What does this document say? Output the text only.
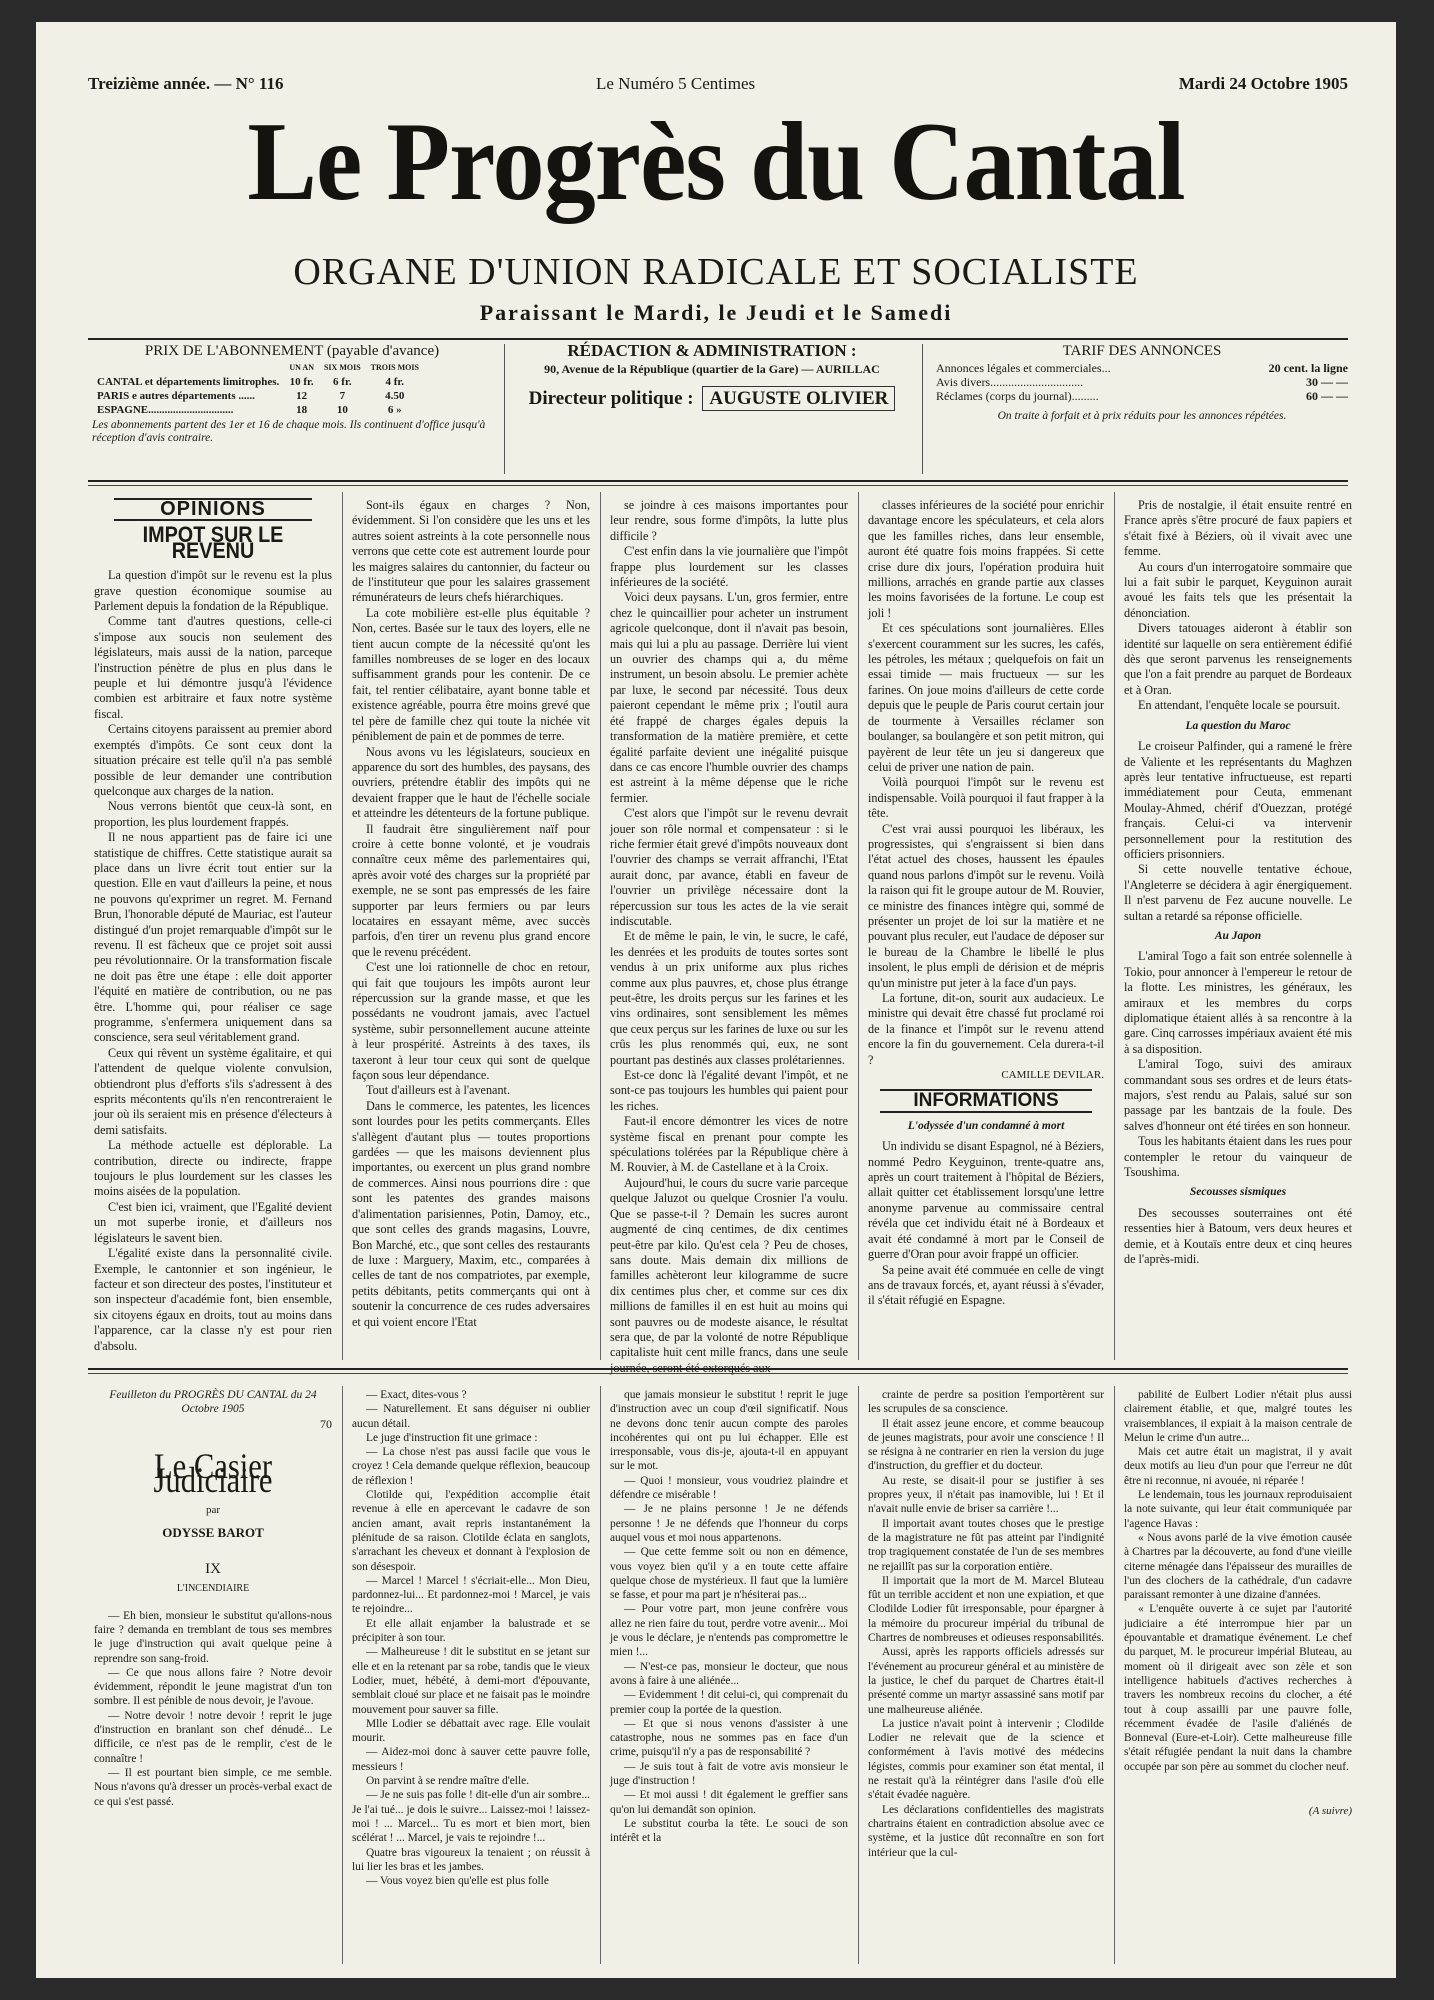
Treizième année. — N° 116	Le Numéro 5 Centimes	Mardi 24 Octobre 1905
Le Progrès du Cantal
ORGANE D'UNION RADICALE ET SOCIALISTE
Paraissant le Mardi, le Jeudi et le Samedi
PRIX DE L'ABONNEMENT (payable d'avance)
	UN AN	SIX MOIS	TROIS MOIS
CANTAL et départements limitrophes.	10 fr.	6 fr.	4 fr.
PARIS e autres départements ......	12	7	4.50
ESPAGNE...............................	18	10	6 »
Les abonnements partent des 1er et 16 de chaque mois. Ils continuent d'office jusqu'à réception d'avis contraire.
RÉDACTION & ADMINISTRATION :
90, Avenue de la République (quartier de la Gare) — AURILLAC
Directeur politique : AUGUSTE OLIVIER
TARIF DES ANNONCES
Annonces légales et commerciales...	20 cent. la ligne
Avis divers...............................	30 — —
Réclames (corps du journal).........	60 — —
On traite à forfait et à prix réduits pour les annonces répétées.
OPINIONS
IMPOT SUR LE REVENU

La question d'impôt sur le revenu est la plus grave question économique soumise au Parlement depuis la fondation de la République.

Comme tant d'autres questions, celle-ci s'impose aux soucis non seulement des législateurs, mais aussi de la nation, parceque l'instruction pénètre de plus en plus dans le peuple et lui démontre jusqu'à l'évidence combien est arbitraire et faux notre système fiscal.

Certains citoyens paraissent au premier abord exemptés d'impôts. Ce sont ceux dont la situation précaire est telle qu'il n'a pas semblé possible de leur demander une contribution quelconque aux charges de la nation.

Nous verrons bientôt que ceux-là sont, en proportion, les plus lourdement frappés.

Il ne nous appartient pas de faire ici une statistique de chiffres. Cette statistique aurait sa place dans un livre écrit tout entier sur la question. Elle en vaut d'ailleurs la peine, et nous ne pouvons qu'exprimer un regret. M. Fernand Brun, l'honorable député de Mauriac, est l'auteur distingué d'un projet remarquable d'impôt sur le revenu. Il est fâcheux que ce projet soit aussi peu révolutionnaire. Or la transformation fiscale ne doit pas être une étape : elle doit apporter l'équité en matière de contribution, ou ne pas être. L'homme qui, pour réaliser ce sage programme, s'enfermera uniquement dans sa conscience, sera seul véritablement grand.

Ceux qui rêvent un système égalitaire, et qui l'attendent de quelque violente convulsion, obtiendront plus d'efforts s'ils s'adressent à des esprits mécontents qu'ils n'en rencontreraient le jour où ils seraient mis en présence d'électeurs à demi satisfaits.

La méthode actuelle est déplorable. La contribution, directe ou indirecte, frappe toujours le plus lourdement sur les classes les moins aisées de la population.

C'est bien ici, vraiment, que l'Egalité devient un mot superbe ironie, et d'ailleurs nos législateurs le savent bien.

L'égalité existe dans la personnalité civile. Exemple, le cantonnier et son ingénieur, le facteur et son directeur des postes, l'instituteur et son inspecteur d'académie font, bien ensemble, six citoyens égaux en droits, tout au moins dans l'apparence, car la classe n'y est pour rien d'absolu.

Sont-ils égaux en charges ? Non, évidemment. Si l'on considère que les uns et les autres soient astreints à la cote personnelle nous verrons que cette cote est autrement lourde pour les maigres salaires du cantonnier, du facteur ou de l'instituteur que pour les salaires grassement rémunérateurs de leurs chefs hiérarchiques.

La cote mobilière est-elle plus équitable ? Non, certes. Basée sur le taux des loyers, elle ne tient aucun compte de la nécessité qu'ont les familles nombreuses de se loger en des locaux suffisamment grands pour les contenir. De ce fait, tel rentier célibataire, ayant bonne table et existence agréable, pourra être moins grevé que tel père de famille chez qui toute la nichée vit péniblement de pain et de pommes de terre.

Nous avons vu les législateurs, soucieux en apparence du sort des humbles, des paysans, des ouvriers, prétendre établir des impôts qui ne devaient frapper que le haut de l'échelle sociale et atteindre les détenteurs de la fortune publique.

Il faudrait être singulièrement naïf pour croire à cette bonne volonté, et je voudrais connaître ceux même des parlementaires qui, après avoir voté des charges sur la propriété par exemple, ne se sont pas empressés de les faire supporter par leurs fermiers ou par leurs locataires en essayant même, avec succès parfois, d'en tirer un revenu plus grand encore que le revenu précédent.

C'est une loi rationnelle de choc en retour, qui fait que toujours les impôts auront leur répercussion sur la grande masse, et que les possédants ne voudront jamais, avec l'actuel système, subir personnellement aucune atteinte à leur prospérité. Astreints à des taxes, ils taxeront à leur tour ceux qui sont de quelque façon sous leur dépendance.

Tout d'ailleurs est à l'avenant.

Dans le commerce, les patentes, les licences sont lourdes pour les petits commerçants. Elles s'allègent d'autant plus — toutes proportions gardées — que les maisons deviennent plus importantes, ou exercent un plus grand nombre de commerces. Ainsi nous pourrions dire : que sont les patentes des grandes maisons d'alimentation parisiennes, Potin, Damoy, etc., que sont celles des grands magasins, Louvre, Bon Marché, etc., que sont celles des restaurants de luxe : Marguery, Maxim, etc., comparées à celles de tant de nos compatriotes, par exemple, petits débitants, petits commerçants qui ont à soutenir la concurrence de ces rudes adversaires et qui voient encore l'Etat

se joindre à ces maisons importantes pour leur rendre, sous forme d'impôts, la lutte plus difficile ?

C'est enfin dans la vie journalière que l'impôt frappe plus lourdement sur les classes inférieures de la société.

Voici deux paysans. L'un, gros fermier, entre chez le quincaillier pour acheter un instrument agricole quelconque, dont il n'avait pas besoin, mais qui lui a plu au passage. Derrière lui vient un ouvrier des champs qui a, du même instrument, un besoin absolu. Le premier achète par luxe, le second par nécessité. Tous deux paieront cependant le même prix ; l'outil aura été frappé de charges égales depuis la transformation de la matière première, et cette égalité parfaite devient une inégalité puisque dans ce cas encore l'humble ouvrier des champs est astreint à la même dépense que le riche fermier.

C'est alors que l'impôt sur le revenu devrait jouer son rôle normal et compensateur : si le riche fermier était grevé d'impôts nouveaux dont l'ouvrier des champs se verrait affranchi, l'Etat aurait donc, par avance, établi en faveur de l'ouvrier un privilège nécessaire dont la répercussion sur tous les actes de la vie serait indiscutable.

Et de même le pain, le vin, le sucre, le café, les denrées et les produits de toutes sortes sont vendus à un prix uniforme aux plus riches comme aux plus pauvres, et, chose plus étrange peut-être, les droits perçus sur les farines et les vins ordinaires, sont sensiblement les mêmes que ceux perçus sur les farines de luxe ou sur les crûs les plus renommés qui, eux, ne sont pourtant pas destinés aux classes prolétariennes.

Est-ce donc là l'égalité devant l'impôt, et ne sont-ce pas toujours les humbles qui paient pour les riches.

Faut-il encore démontrer les vices de notre système fiscal en prenant pour compte les spéculations tolérées par la République chère à M. Rouvier, à M. de Castellane et à la Croix.

Aujourd'hui, le cours du sucre varie parceque quelque Jaluzot ou quelque Crosnier l'a voulu. Que se passe-t-il ? Demain les sucres auront augmenté de cinq centimes, de dix centimes peut-être par kilo. Qu'est cela ? Peu de choses, sans doute. Mais demain dix millions de familles achèteront leur kilogramme de sucre dix centimes plus cher, et comme sur ces dix millions de familles il en est huit au moins qui sont pauvres ou de modeste aisance, le résultat sera que, de par la volonté de notre République capitaliste huit cent mille francs, dans une seule journée, seront été extorqués aux

classes inférieures de la société pour enrichir davantage encore les spéculateurs, et cela alors que les familles riches, dans leur ensemble, auront été quatre fois moins frappées. Si cette crise dure dix jours, l'opération produira huit millions, arrachés en grande partie aux classes les moins favorisées de la fortune. Le coup est joli !

Et ces spéculations sont journalières. Elles s'exercent couramment sur les sucres, les cafés, les pétroles, les métaux ; quelquefois on fait un essai timide — mais fructueux — sur les farines. On joue moins d'ailleurs de cette corde depuis que le peuple de Paris courut certain jour de tourmente à Versailles réclamer son boulanger, sa boulangère et son petit mitron, qui payèrent de leur tête un jeu si dangereux que celui de priver une nation de pain.

Voilà pourquoi l'impôt sur le revenu est indispensable. Voilà pourquoi il faut frapper à la tête.

C'est vrai aussi pourquoi les libéraux, les progressistes, qui s'engraissent si bien dans l'état actuel des choses, haussent les épaules quand nous parlons d'impôt sur le revenu. Voilà la raison qui fit le groupe autour de M. Rouvier, ce ministre des finances intègre qui, sommé de présenter un projet de loi sur la matière et ne pouvant plus reculer, eut l'audace de déposer sur le bureau de la Chambre le libellé le plus insolent, le plus empli de dérision et de mépris qu'un ministre put jeter à la face d'un pays.

La fortune, dit-on, sourit aux audacieux. Le ministre qui devait être chassé fut proclamé roi de la finance et l'impôt sur le revenu attend encore la fin du gouvernement. Cela durera-t-il ?

CAMILLE DEVILAR.
INFORMATIONS
L'odyssée d'un condamné à mort

Un individu se disant Espagnol, né à Béziers, nommé Pedro Keyguinon, trente-quatre ans, après un court traitement à l'hôpital de Béziers, allait quitter cet établissement lorsqu'une lettre anonyme parvenue au commissaire central révéla que cet individu était né à Bordeaux et avait été condamné à mort par le Conseil de guerre d'Oran pour avoir frappé un officier.

Sa peine avait été commuée en celle de vingt ans de travaux forcés, et, ayant réussi à s'évader, il s'était réfugié en Espagne.

Pris de nostalgie, il était ensuite rentré en France après s'être procuré de faux papiers et s'était fixé à Béziers, où il vivait avec une femme.

Au cours d'un interrogatoire sommaire que lui a fait subir le parquet, Keyguinon aurait avoué les faits tels que les présentait la dénonciation.

Divers tatouages aideront à établir son identité sur laquelle on sera entièrement édifié dès que seront parvenus les renseignements que l'on a fait prendre au parquet de Bordeaux et à Oran.

En attendant, l'enquête locale se poursuit.

La question du Maroc

Le croiseur Palfinder, qui a ramené le frère de Valiente et les représentants du Maghzen après leur tentative infructueuse, est reparti immédiatement pour Ceuta, emmenant Moulay-Ahmed, chérif d'Ouezzan, protégé français. Celui-ci va intervenir personnellement pour la restitution des officiers prisonniers.

Si cette nouvelle tentative échoue, l'Angleterre se décidera à agir énergiquement. Il n'est parvenu de Fez aucune nouvelle. Le sultan a retardé sa réponse officielle.

Au Japon

L'amiral Togo a fait son entrée solennelle à Tokio, pour annoncer à l'empereur le retour de la flotte. Les ministres, les généraux, les amiraux et les membres du corps diplomatique étaient allés à sa rencontre à la gare. Cinq carrosses impériaux avaient été mis à sa disposition.

L'amiral Togo, suivi des amiraux commandant sous ses ordres et de leurs états-majors, s'est rendu au Palais, salué sur son passage par les bantzais de la foule. Des salves d'honneur ont été tirées en son honneur.

Tous les habitants étaient dans les rues pour contempler le retour du vainqueur de Tsoushima.

Secousses sismiques

Des secousses souterraines ont été ressenties hier à Batoum, vers deux heures et demie, et à Koutaïs entre deux et cinq heures de l'après-midi.

Feuilleton du PROGRÈS DU CANTAL du 24 Octobre 1905
70
Le Casier Judiciaire
par
ODYSSE BAROT
IX
L'INCENDIAIRE

— Eh bien, monsieur le substitut qu'allons-nous faire ? demanda en tremblant de tous ses membres le juge d'instruction qui avait quelque peine à reprendre son sang-froid.

— Ce que nous allons faire ? Notre devoir évidemment, répondit le jeune magistrat d'un ton sombre. Il est pénible de nous devoir, je l'avoue.

— Notre devoir ! notre devoir ! reprit le juge d'instruction en branlant son chef dénudé... Le difficile, ce n'est pas de le remplir, c'est de le connaître !

— Il est pourtant bien simple, ce me semble. Nous n'avons qu'à dresser un procès-verbal exact de ce qui s'est passé.

— Exact, dites-vous ?

— Naturellement. Et sans déguiser ni oublier aucun détail.

Le juge d'instruction fit une grimace :

— La chose n'est pas aussi facile que vous le croyez ! Cela demande quelque réflexion, beaucoup de réflexion !

Clotilde qui, l'expédition accomplie était revenue à elle en apercevant le cadavre de son ancien amant, avait repris instantanément la plénitude de sa raison. Clotilde éclata en sanglots, s'arrachant les cheveux et donnant à l'explosion de son désespoir.

— Marcel ! Marcel ! s'écriait-elle... Mon Dieu, pardonnez-lui... Et pardonnez-moi ! Marcel, je vais te rejoindre...

Et elle allait enjamber la balustrade et se précipiter à son tour.

— Malheureuse ! dit le substitut en se jetant sur elle et en la retenant par sa robe, tandis que le vieux Lodier, muet, hébété, à demi-mort d'épouvante, semblait cloué sur place et ne faisait pas le moindre mouvement pour sauver sa fille.

Mlle Lodier se débattait avec rage. Elle voulait mourir.

— Aidez-moi donc à sauver cette pauvre folle, messieurs !

On parvint à se rendre maître d'elle.

— Je ne suis pas folle ! dit-elle d'un air sombre... Je l'ai tué... je dois le suivre... Laissez-moi ! laissez-moi ! ... Marcel... Tu es mort et bien mort, bien scélérat ! ... Marcel, je vais te rejoindre !...

Quatre bras vigoureux la tenaient ; on réussit à lui lier les bras et les jambes.

— Vous voyez bien qu'elle est plus folle

que jamais monsieur le substitut ! reprit le juge d'instruction avec un coup d'œil significatif. Nous ne devons donc tenir aucun compte des paroles incohérentes qui ont pu lui échapper. Elle est irresponsable, vous dis-je, ajouta-t-il en appuyant sur le mot.

— Quoi ! monsieur, vous voudriez plaindre et défendre ce misérable !

— Je ne plains personne ! Je ne défends personne ! Je ne défends que l'honneur du corps auquel vous et moi nous appartenons.

— Que cette femme soit ou non en démence, vous voyez bien qu'il y a en toute cette affaire quelque chose de mystérieux. Il faut que la lumière se fasse, et pour ma part je n'hésiterai pas...

— Pour votre part, mon jeune confrère vous allez ne rien faire du tout, perdre votre avenir... Moi je vous le déclare, je n'entends pas compromettre le mien !...

— N'est-ce pas, monsieur le docteur, que nous avons à faire à une aliénée...

— Evidemment ! dit celui-ci, qui comprenait du premier coup la portée de la question.

— Et que si nous venons d'assister à une catastrophe, nous ne sommes pas en face d'un crime, puisqu'il n'y a pas de responsabilité ?

— Je suis tout à fait de votre avis monsieur le juge d'instruction !

— Et moi aussi ! dit également le greffier sans qu'on lui demandât son opinion.

Le substitut courba la tête. Le souci de son intérêt et la

crainte de perdre sa position l'emportèrent sur les scrupules de sa conscience.

Il était assez jeune encore, et comme beaucoup de jeunes magistrats, pour avoir une conscience ! Il se résigna à ne contrarier en rien la version du juge d'instruction, du greffier et du docteur.

Au reste, se disait-il pour se justifier à ses propres yeux, il n'était pas inamovible, lui ! Et il n'avait nulle envie de briser sa carrière !...

Il importait avant toutes choses que le prestige de la magistrature ne fût pas atteint par l'indignité trop tragiquement constatée de l'un de ses membres ne rejaillît pas sur la corporation entière.

Il importait que la mort de M. Marcel Bluteau fût un terrible accident et non une expiation, et que Clodilde Lodier fût irresponsable, pour épargner à la mémoire du procureur impérial du tribunal de Chartres de nombreuses et odieuses responsabilités.

Aussi, après les rapports officiels adressés sur l'événement au procureur général et au ministère de la justice, le chef du parquet de Chartres était-il présenté comme un martyr assassiné sans motif par une malheureuse aliénée.

La justice n'avait point à intervenir ; Clodilde Lodier ne relevait que de la science et conformément à l'avis motivé des médecins légistes, commis pour examiner son état mental, il ne restait qu'à la réintégrer dans l'asile d'où elle s'était évadée naguère.

Les déclarations confidentielles des magistrats chartrains étaient en contradiction absolue avec ce système, et la justice dût reconnaître en son fort intérieur que la cul-

pabilité de Eulbert Lodier n'était plus aussi clairement établie, et que, malgré toutes les vraisemblances, il expiait à la maison centrale de Melun le crime d'un autre...

Mais cet autre était un magistrat, il y avait deux motifs au lieu d'un pour que l'erreur ne dût être ni reconnue, ni avouée, ni réparée !

Le lendemain, tous les journaux reproduisaient la note suivante, qui leur était communiquée par l'agence Havas :

« Nous avons parlé de la vive émotion causée à Chartres par la découverte, au fond d'une vieille citerne ménagée dans l'épaisseur des murailles de l'un des clochers de la cathédrale, d'un cadavre paraissant remonter à une dizaine d'années.

« L'enquête ouverte à ce sujet par l'autorité judiciaire a été interrompue hier par un épouvantable et dramatique événement. Le chef du parquet, M. le procureur impérial Bluteau, au moment où il dirigeait avec son zèle et son intelligence habituels d'actives recherches à travers les nombreux recoins du clocher, a été tout à coup assailli par une pauvre folle, récemment évadée de l'asile d'aliénés de Bonneval (Eure-et-Loir). Cette malheureuse fille s'était réfugiée pendant la nuit dans la chambre occupée par son père au sommet du clocher neuf.

(A suivre)
